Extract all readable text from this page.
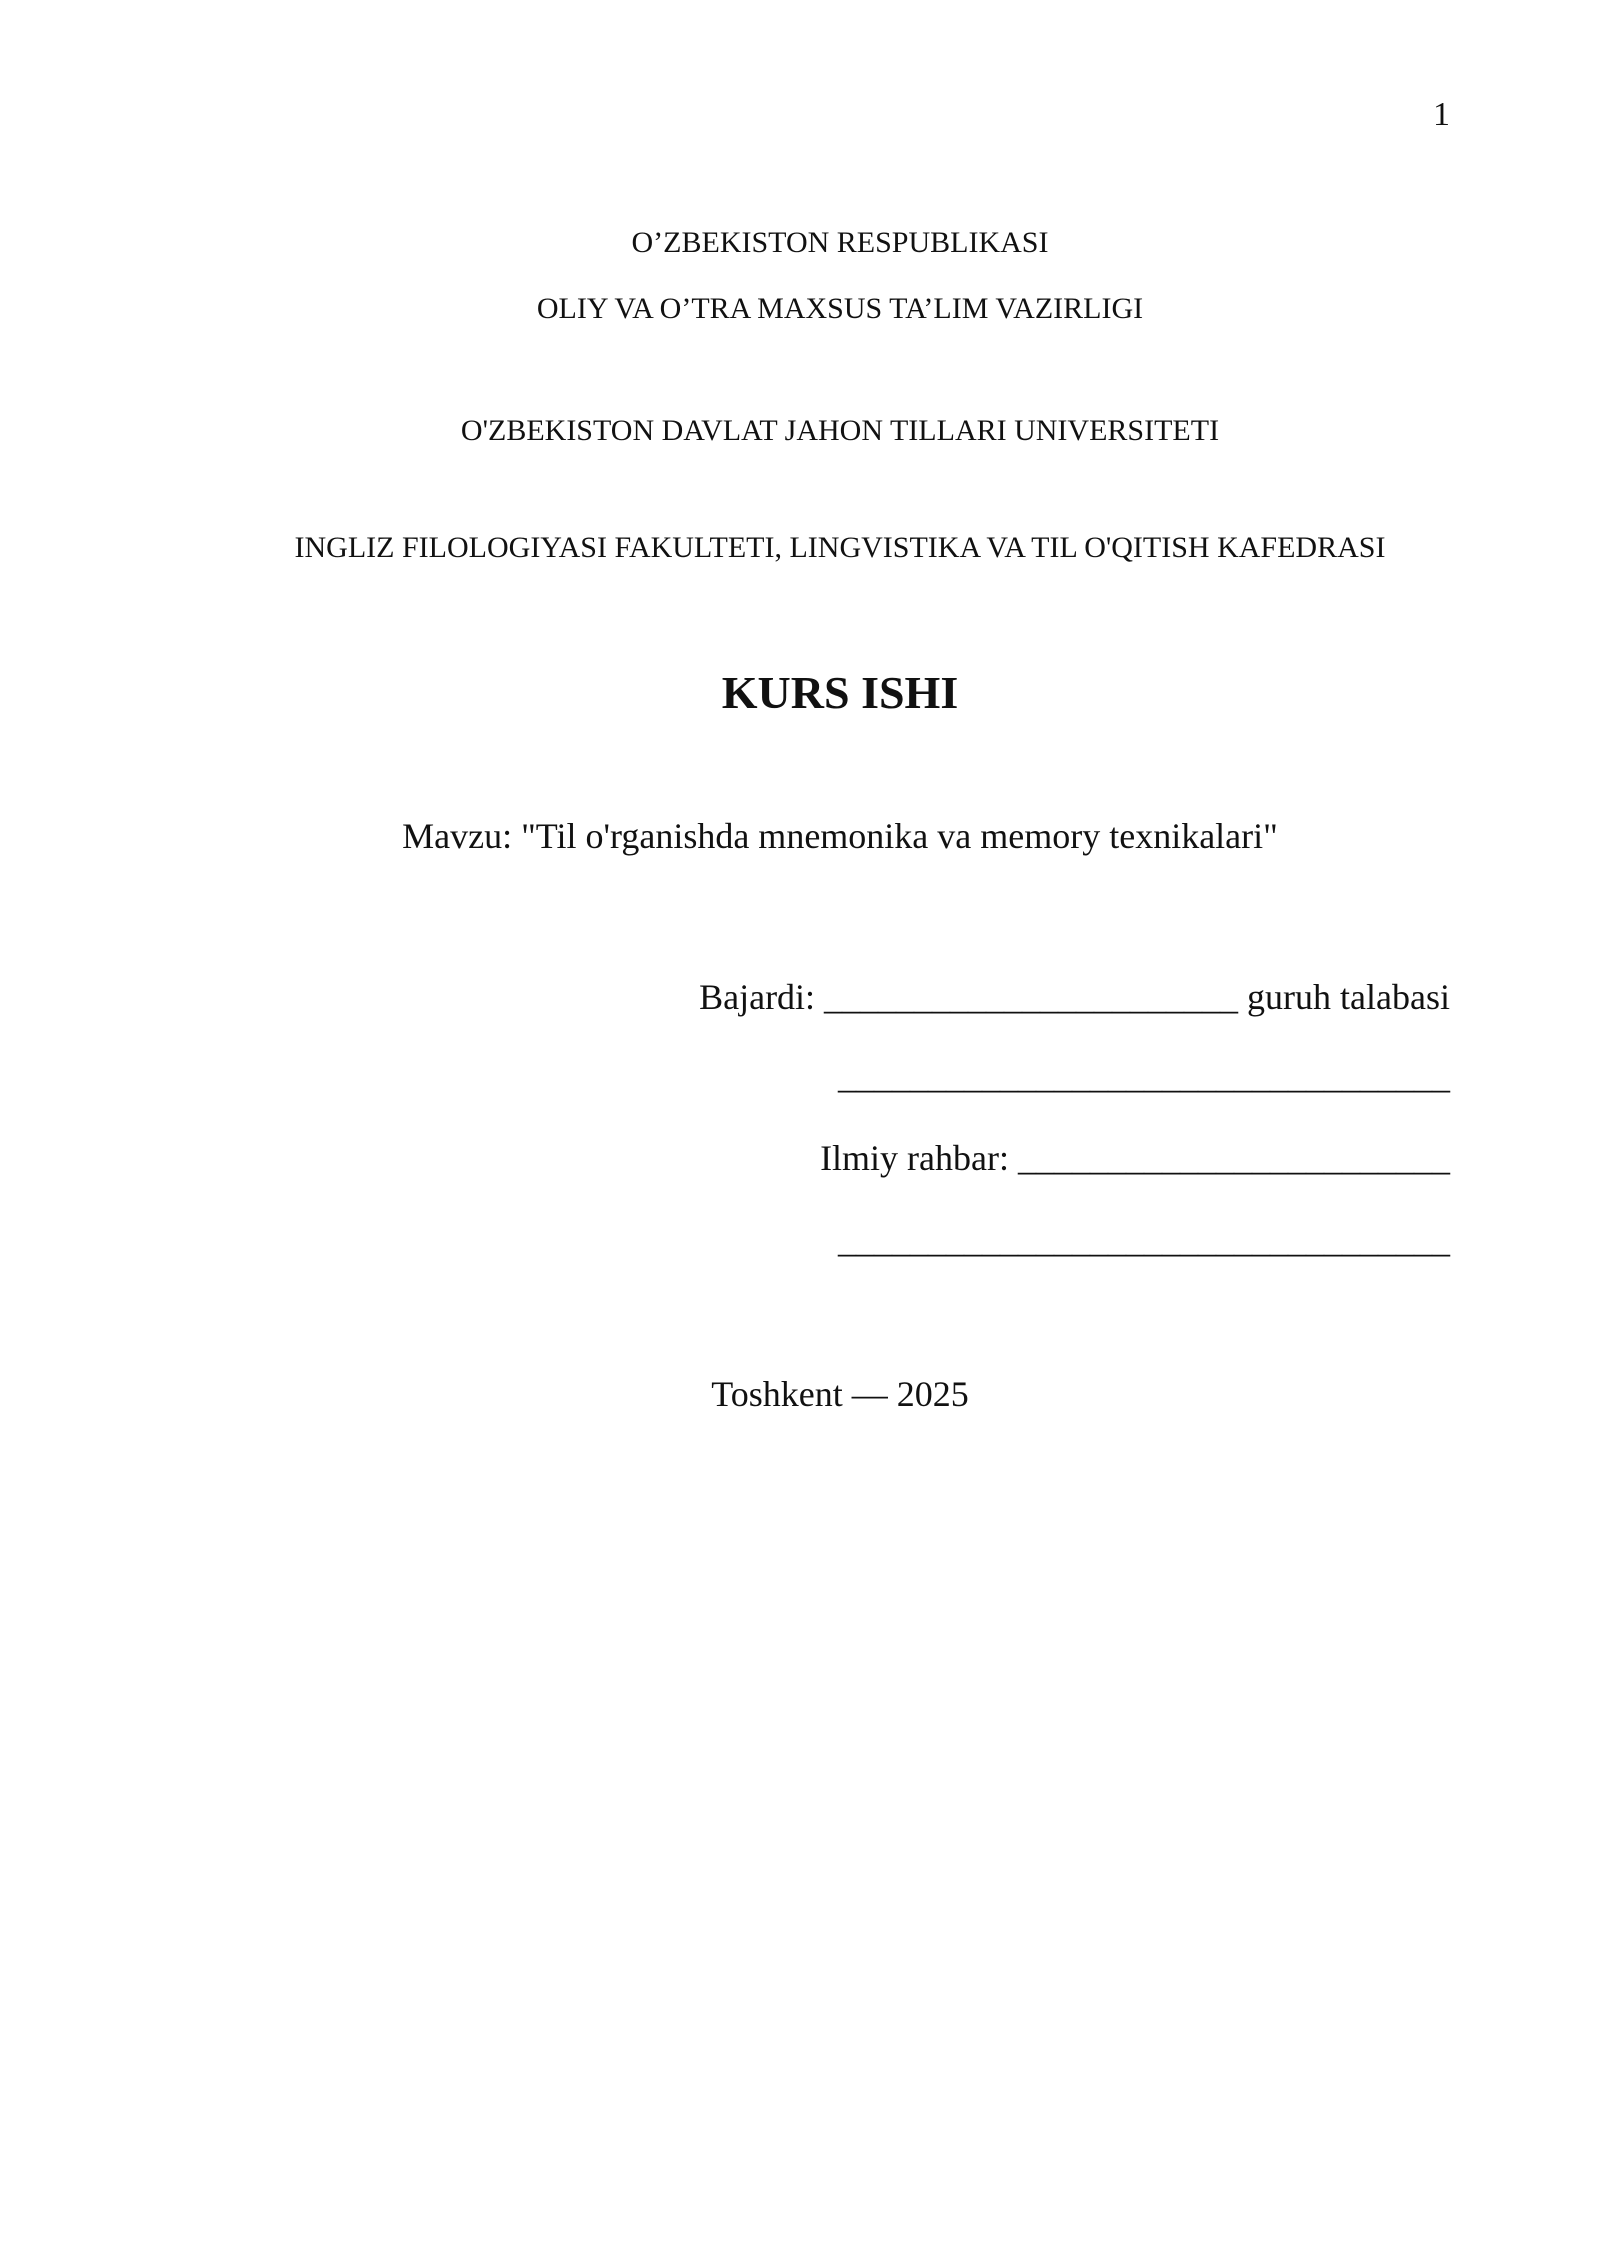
1
O’ZBEKISTON RESPUBLIKASI
OLIY VA O’TRA MAXSUS TA’LIM VAZIRLIGI
O'ZBEKISTON DAVLAT JAHON TILLARI UNIVERSITETI
INGLIZ FILOLOGIYASI FAKULTETI, LINGVISTIKA VA TIL O'QITISH KAFEDRASI
KURS ISHI
Mavzu: "Til o'rganishda mnemonika va memory texnikalari"
Bajardi: _______________________ guruh talabasi
__________________________________
Ilmiy rahbar: ________________________
__________________________________
Toshkent — 2025
